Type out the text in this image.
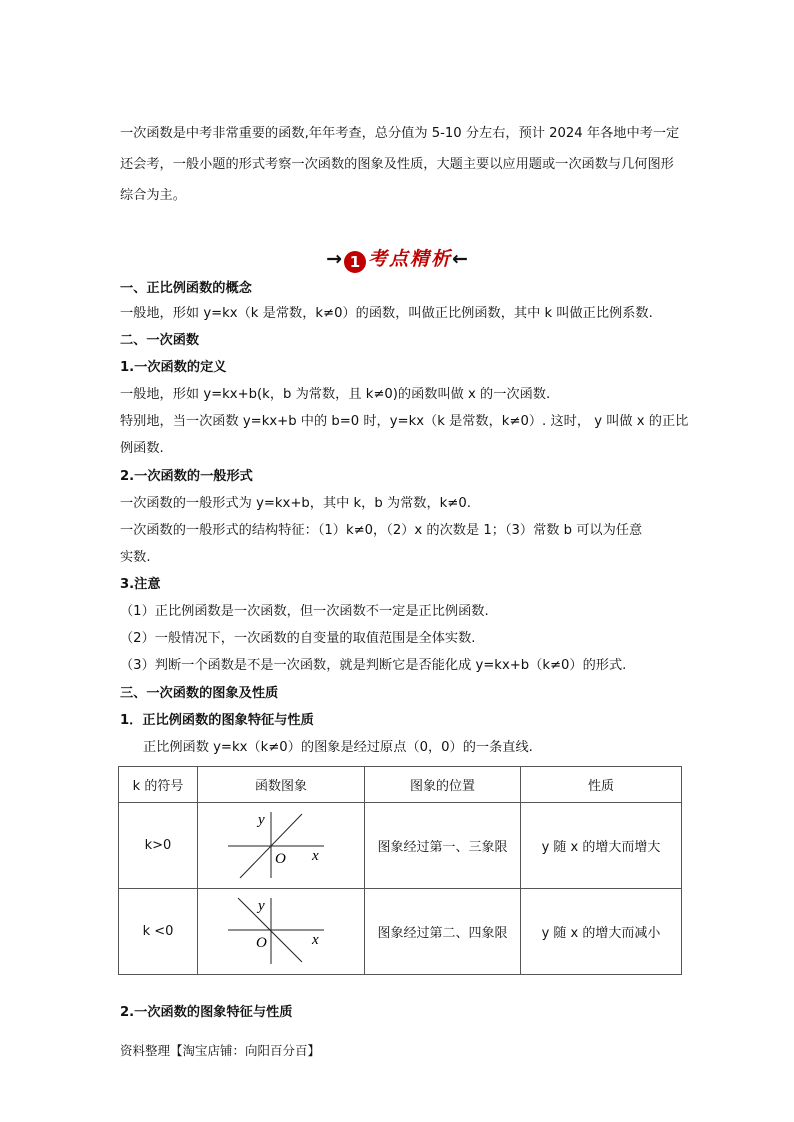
一次函数是中考非常重要的函数,年年考查，总分值为 5-10 分左右，预计 2024 年各地中考一定还会考，一般小题的形式考察一次函数的图象及性质，大题主要以应用题或一次函数与几何图形综合为主。
→ 1 考点精析←
一、正比例函数的概念
一般地，形如 y=kx（k 是常数，k≠0）的函数，叫做正比例函数，其中 k 叫做正比例系数.
二、一次函数
1.一次函数的定义
一般地，形如 y=kx+b(k，b 为常数，且 k≠0)的函数叫做 x 的一次函数.
特别地，当一次函数 y=kx+b 中的 b=0 时，y=kx（k 是常数，k≠0）. 这时， y 叫做 x 的正比
例函数.
2.一次函数的一般形式
一次函数的一般形式为 y=kx+b，其中 k，b 为常数，k≠0.
一次函数的一般形式的结构特征：（1）k≠0，（2）x 的次数是 1；（3）常数 b 可以为任意
实数.
3.注意
（1）正比例函数是一次函数，但一次函数不一定是正比例函数.
（2）一般情况下，一次函数的自变量的取值范围是全体实数.
（3）判断一个函数是不是一次函数，就是判断它是否能化成 y=kx+b（k≠0）的形式.
三、一次函数的图象及性质
1．正比例函数的图象特征与性质
正比例函数 y=kx（k≠0）的图象是经过原点（0，0）的一条直线.
k 的符号	函数图象	图象的位置	性质
k>0	y
O x	图象经过第一、三象限	y 随 x 的增大而增大
k <0	y
O x	图象经过第二、四象限	y 随 x 的增大而减小
2.一次函数的图象特征与性质
资料整理【淘宝店铺：向阳百分百】
